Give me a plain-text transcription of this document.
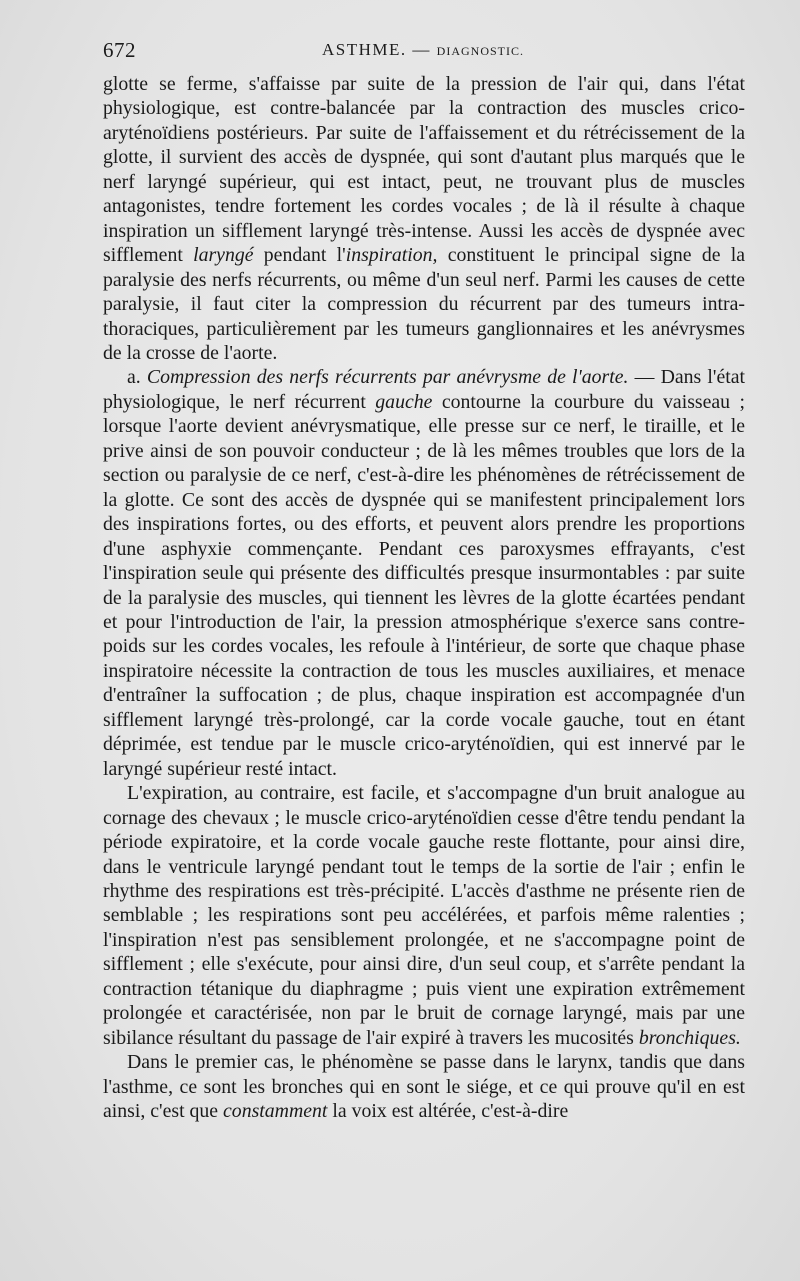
672	ASTHME. — DIAGNOSTIC.

glotte se ferme, s'affaisse par suite de la pression de l'air qui, dans l'état physiologique, est contre-balancée par la contraction des muscles crico-aryténoïdiens postérieurs. Par suite de l'affaissement et du rétrécissement de la glotte, il survient des accès de dyspnée, qui sont d'autant plus marqués que le nerf laryngé supérieur, qui est intact, peut, ne trouvant plus de muscles antagonistes, tendre fortement les cordes vocales ; de là il résulte à chaque inspiration un sifflement laryngé très-intense. Aussi les accès de dyspnée avec sifflement laryngé pendant l'inspiration, constituent le principal signe de la paralysie des nerfs récurrents, ou même d'un seul nerf. Parmi les causes de cette paralysie, il faut citer la compression du récurrent par des tumeurs intra-thoraciques, particulièrement par les tumeurs ganglionnaires et les anévrysmes de la crosse de l'aorte.

a. Compression des nerfs récurrents par anévrysme de l'aorte. — Dans l'état physiologique, le nerf récurrent gauche contourne la courbure du vaisseau ; lorsque l'aorte devient anévrysmatique, elle presse sur ce nerf, le tiraille, et le prive ainsi de son pouvoir conducteur ; de là les mêmes troubles que lors de la section ou paralysie de ce nerf, c'est-à-dire les phénomènes de rétrécissement de la glotte. Ce sont des accès de dyspnée qui se manifestent principalement lors des inspirations fortes, ou des efforts, et peuvent alors prendre les proportions d'une asphyxie commençante. Pendant ces paroxysmes effrayants, c'est l'inspiration seule qui présente des difficultés presque insurmontables : par suite de la paralysie des muscles, qui tiennent les lèvres de la glotte écartées pendant et pour l'introduction de l'air, la pression atmosphérique s'exerce sans contre-poids sur les cordes vocales, les refoule à l'intérieur, de sorte que chaque phase inspiratoire nécessite la contraction de tous les muscles auxiliaires, et menace d'entraîner la suffocation ; de plus, chaque inspiration est accompagnée d'un sifflement laryngé très-prolongé, car la corde vocale gauche, tout en étant déprimée, est tendue par le muscle crico-aryténoïdien, qui est innervé par le laryngé supérieur resté intact.

L'expiration, au contraire, est facile, et s'accompagne d'un bruit analogue au cornage des chevaux ; le muscle crico-aryténoïdien cesse d'être tendu pendant la période expiratoire, et la corde vocale gauche reste flottante, pour ainsi dire, dans le ventricule laryngé pendant tout le temps de la sortie de l'air ; enfin le rhythme des respirations est très-précipité. L'accès d'asthme ne présente rien de semblable ; les respirations sont peu accélérées, et parfois même ralenties ; l'inspiration n'est pas sensiblement prolongée, et ne s'accompagne point de sifflement ; elle s'exécute, pour ainsi dire, d'un seul coup, et s'arrête pendant la contraction tétanique du diaphragme ; puis vient une expiration extrêmement prolongée et caractérisée, non par le bruit de cornage laryngé, mais par une sibilance résultant du passage de l'air expiré à travers les mucosités bronchiques.

Dans le premier cas, le phénomène se passe dans le larynx, tandis que dans l'asthme, ce sont les bronches qui en sont le siége, et ce qui prouve qu'il en est ainsi, c'est que constamment la voix est altérée, c'est-à-dire
